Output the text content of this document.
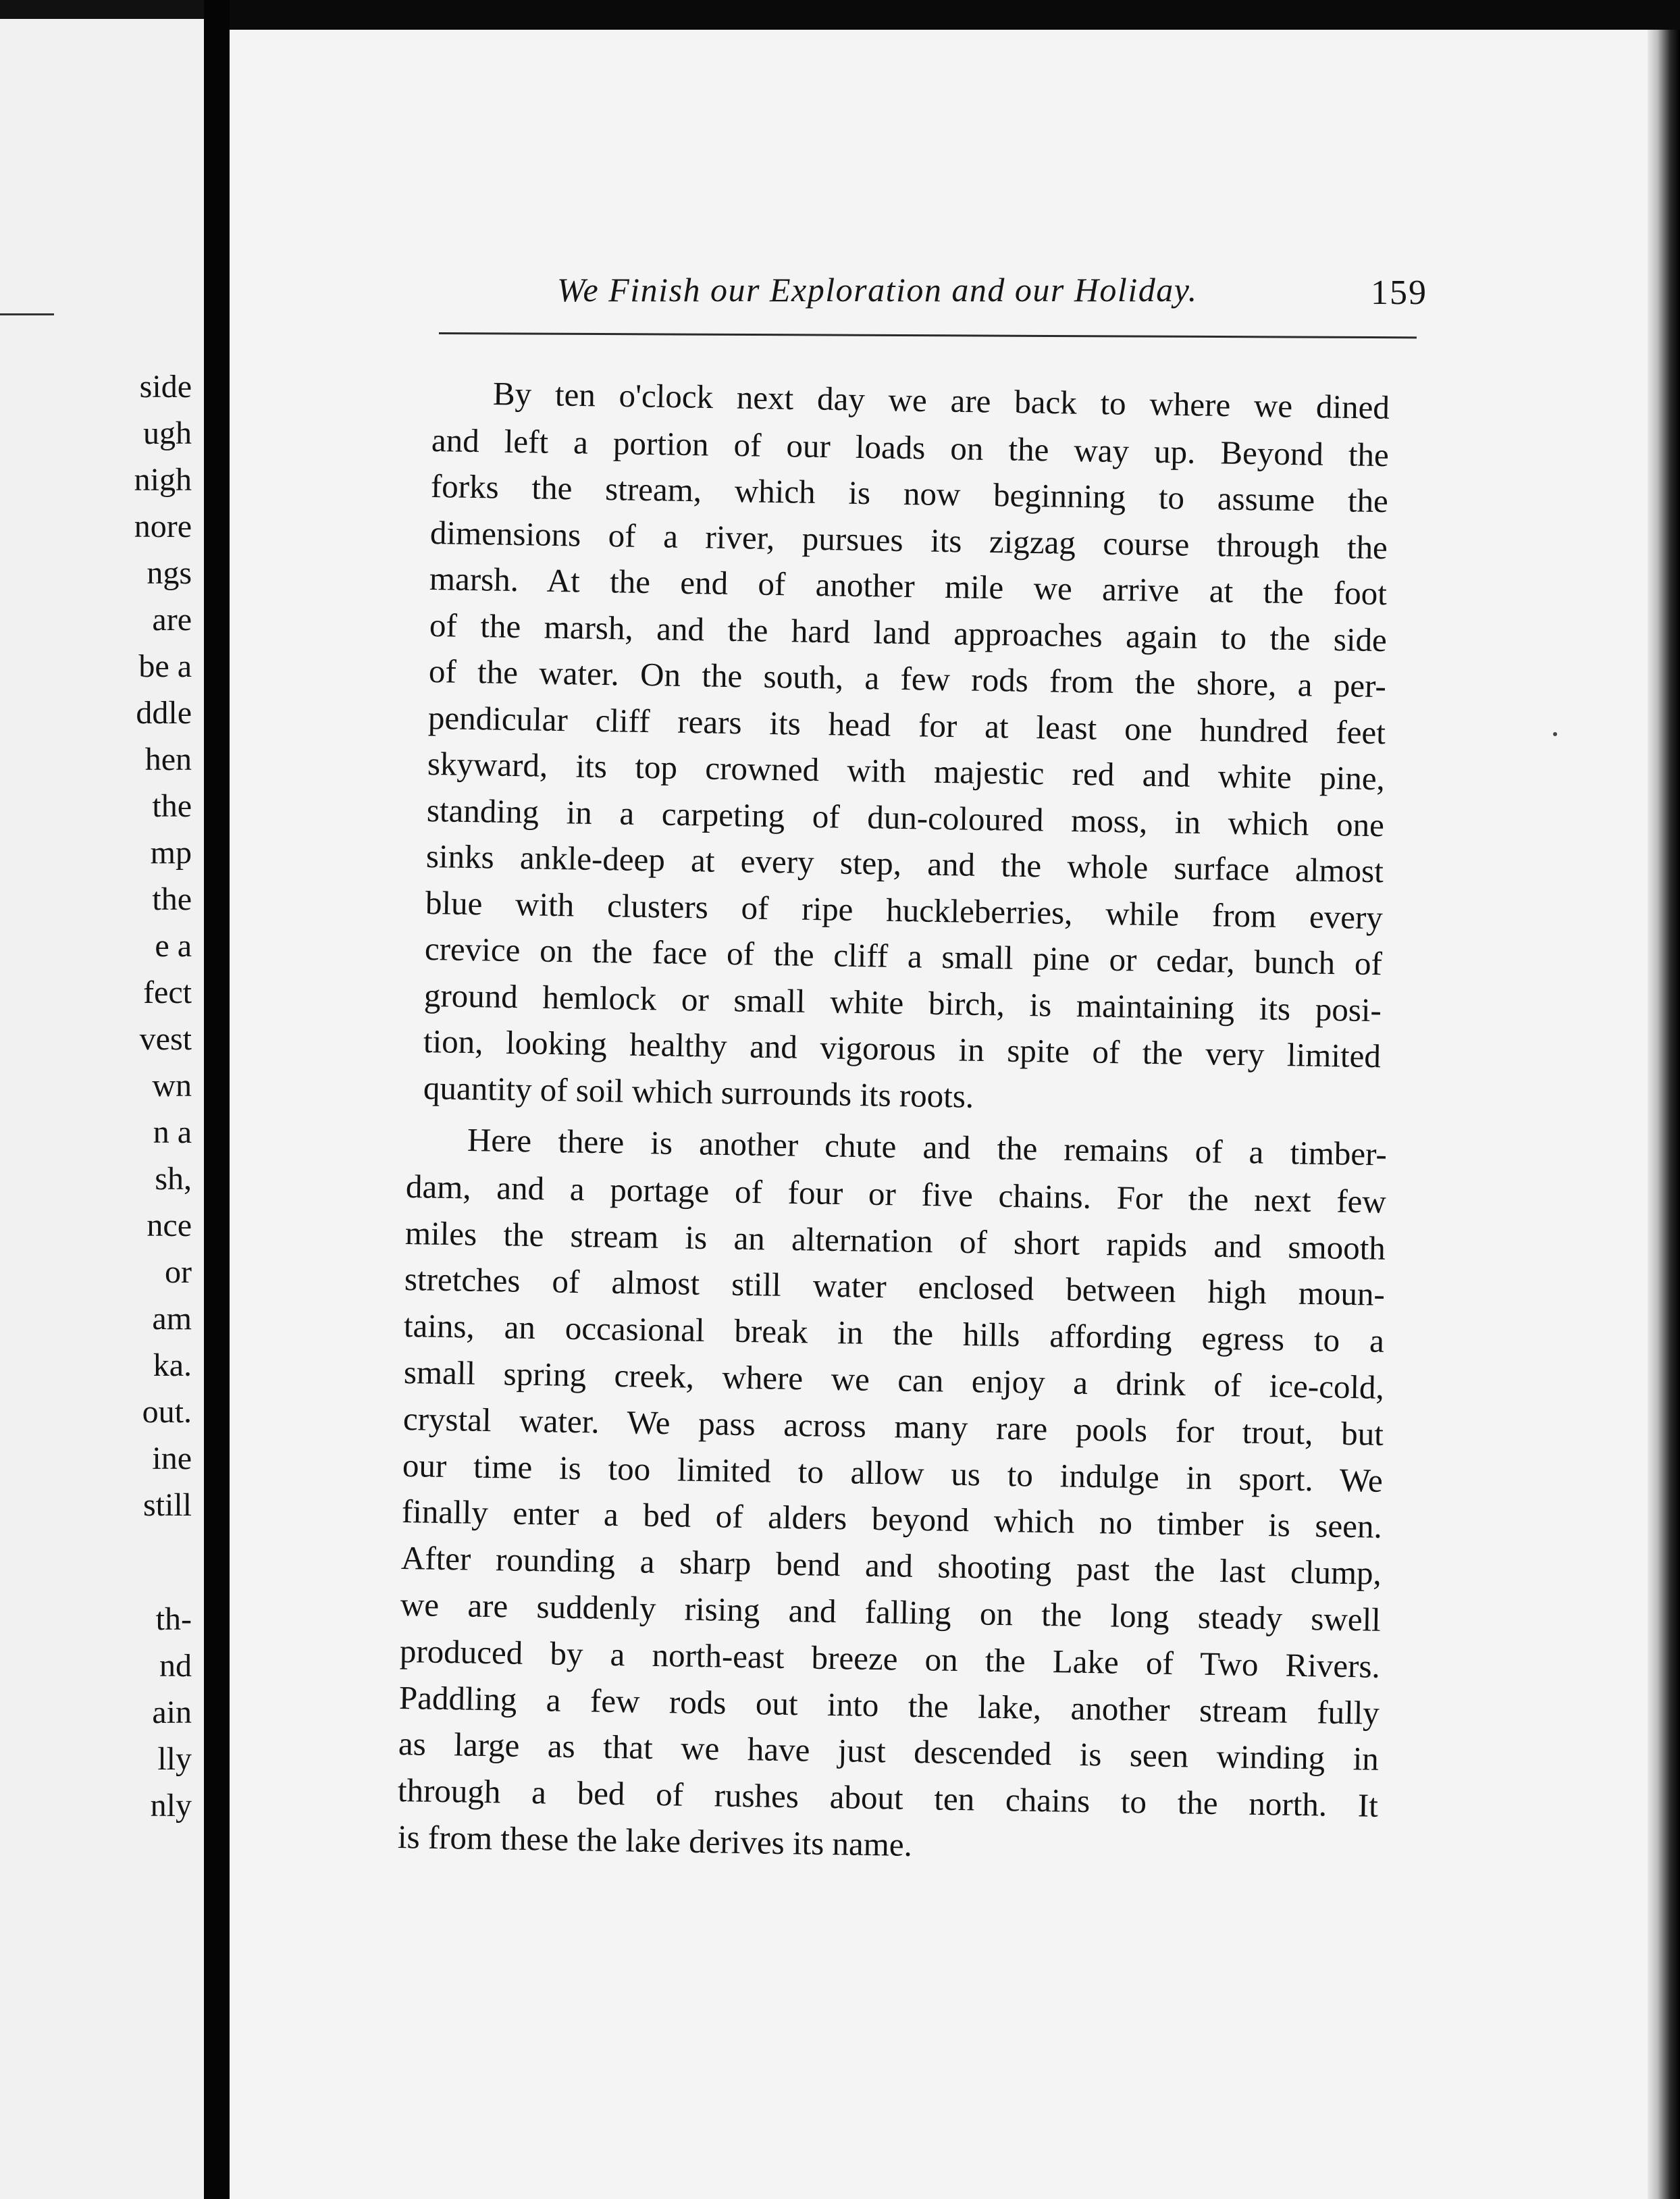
side
ugh
nigh
nore
ngs
are
be a
ddle
hen
the
mp
the
e a
fect
vest
wn
n a
sh,
nce
or
am
ka.
out.
ine
still
th-
nd
ain
lly
nly
We Finish our Exploration and our Holiday.	159
By ten o'clock next day we are back to where we dined
and left a portion of our loads on the way up. Beyond the
forks the stream, which is now beginning to assume the
dimensions of a river, pursues its zigzag course through the
marsh. At the end of another mile we arrive at the foot
of the marsh, and the hard land approaches again to the side
of the water. On the south, a few rods from the shore, a per-
pendicular cliff rears its head for at least one hundred feet
skyward, its top crowned with majestic red and white pine,
standing in a carpeting of dun-coloured moss, in which one
sinks ankle-deep at every step, and the whole surface almost
blue with clusters of ripe huckleberries, while from every
crevice on the face of the cliff a small pine or cedar, bunch of
ground hemlock or small white birch, is maintaining its posi-
tion, looking healthy and vigorous in spite of the very limited
quantity of soil which surrounds its roots.
Here there is another chute and the remains of a timber-
dam, and a portage of four or five chains. For the next few
miles the stream is an alternation of short rapids and smooth
stretches of almost still water enclosed between high moun-
tains, an occasional break in the hills affording egress to a
small spring creek, where we can enjoy a drink of ice-cold,
crystal water. We pass across many rare pools for trout, but
our time is too limited to allow us to indulge in sport. We
finally enter a bed of alders beyond which no timber is seen.
After rounding a sharp bend and shooting past the last clump,
we are suddenly rising and falling on the long steady swell
produced by a north-east breeze on the Lake of Two Rivers.
Paddling a few rods out into the lake, another stream fully
as large as that we have just descended is seen winding in
through a bed of rushes about ten chains to the north. It
is from these the lake derives its name.
